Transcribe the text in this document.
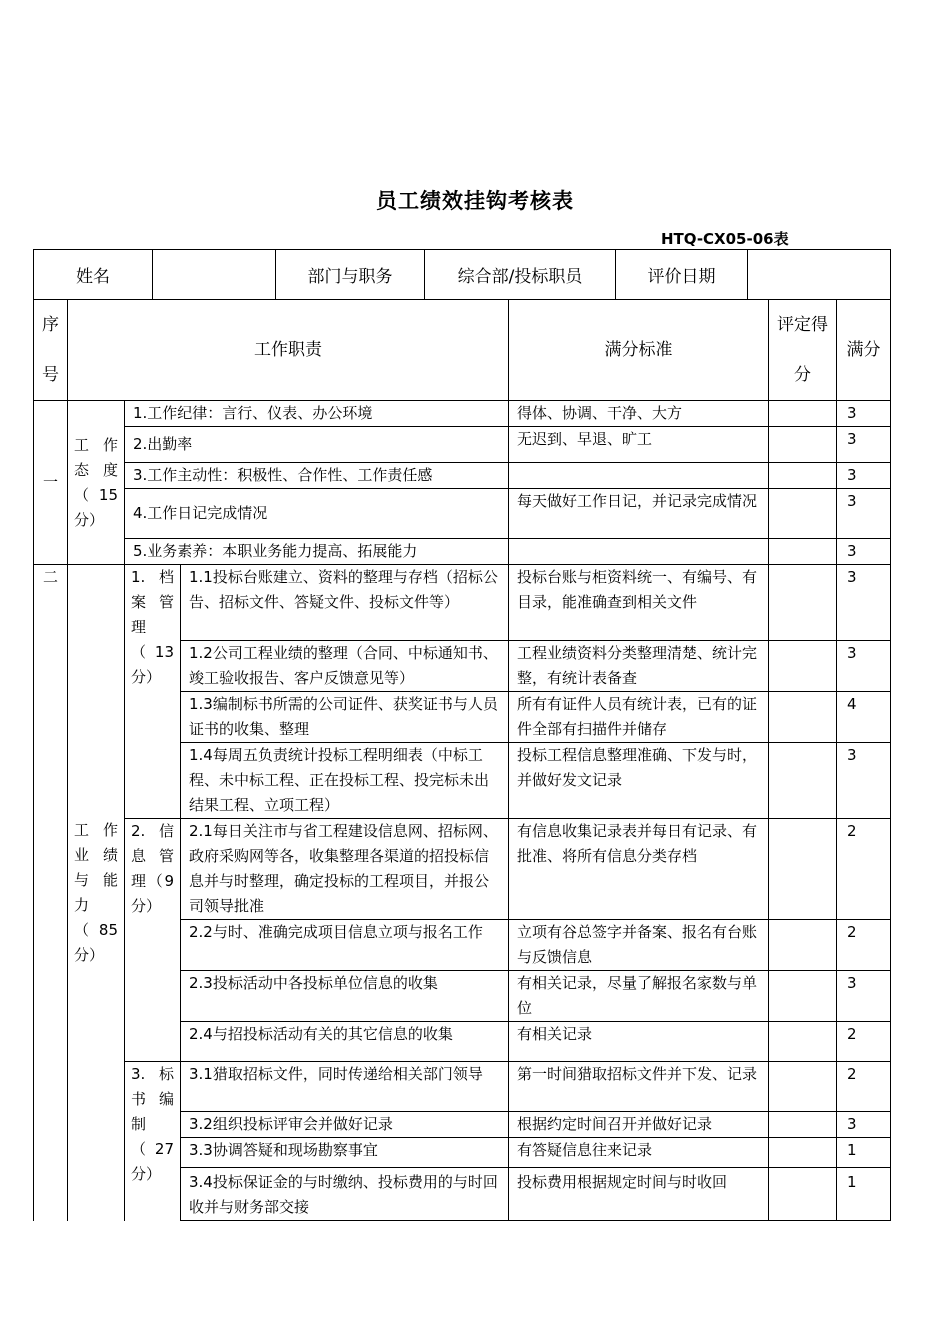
员工绩效挂钩考核表
HTQ-CX05-06表
姓名		部门与职务	综合部/投标职员	评价日期	
序号	工作职责			满分标准	评定得分	满分
一	工作态度（15分）	1.工作纪律：言行、仪表、办公环境		得体、协调、干净、大方		3
		2.出勤率		无迟到、早退、旷工		3
		3.工作主动性：积极性、合作性、工作责任感				3
		4.工作日记完成情况		每天做好工作日记，并记录完成情况		3
		5.业务素养：本职业务能力提高、拓展能力				3
二	工作业绩与能力（85分）	1.档案管理（13分）	1.1投标台账建立、资料的整理与存档（招标公告、招标文件、答疑文件、投标文件等）	投标台账与柜资料统一、有编号、有目录，能准确查到相关文件		3
			1.2公司工程业绩的整理（合同、中标通知书、竣工验收报告、客户反馈意见等）	工程业绩资料分类整理清楚、统计完整，有统计表备查		3
			1.3编制标书所需的公司证件、获奖证书与人员证书的收集、整理	所有有证件人员有统计表，已有的证件全部有扫描件并储存		4
			1.4每周五负责统计投标工程明细表（中标工程、未中标工程、正在投标工程、投完标未出结果工程、立项工程）	投标工程信息整理准确、下发与时，并做好发文记录		3
		2.信息管理（9分）	2.1每日关注市与省工程建设信息网、招标网、政府采购网等各，收集整理各渠道的招投标信息并与时整理，确定投标的工程项目，并报公司领导批准	有信息收集记录表并每日有记录、有批准、将所有信息分类存档		2
			2.2与时、准确完成项目信息立项与报名工作	立项有谷总签字并备案、报名有台账与反馈信息		2
			2.3投标活动中各投标单位信息的收集	有相关记录，尽量了解报名家数与单位		3
			2.4与招投标活动有关的其它信息的收集	有相关记录		2
		3.标书编制（27分）	3.1猎取招标文件，同时传递给相关部门领导	第一时间猎取招标文件并下发、记录		2
			3.2组织投标评审会并做好记录	根据约定时间召开并做好记录		3
			3.3协调答疑和现场勘察事宜	有答疑信息往来记录		1
			3.4投标保证金的与时缴纳、投标费用的与时回收并与财务部交接	投标费用根据规定时间与时收回		1
